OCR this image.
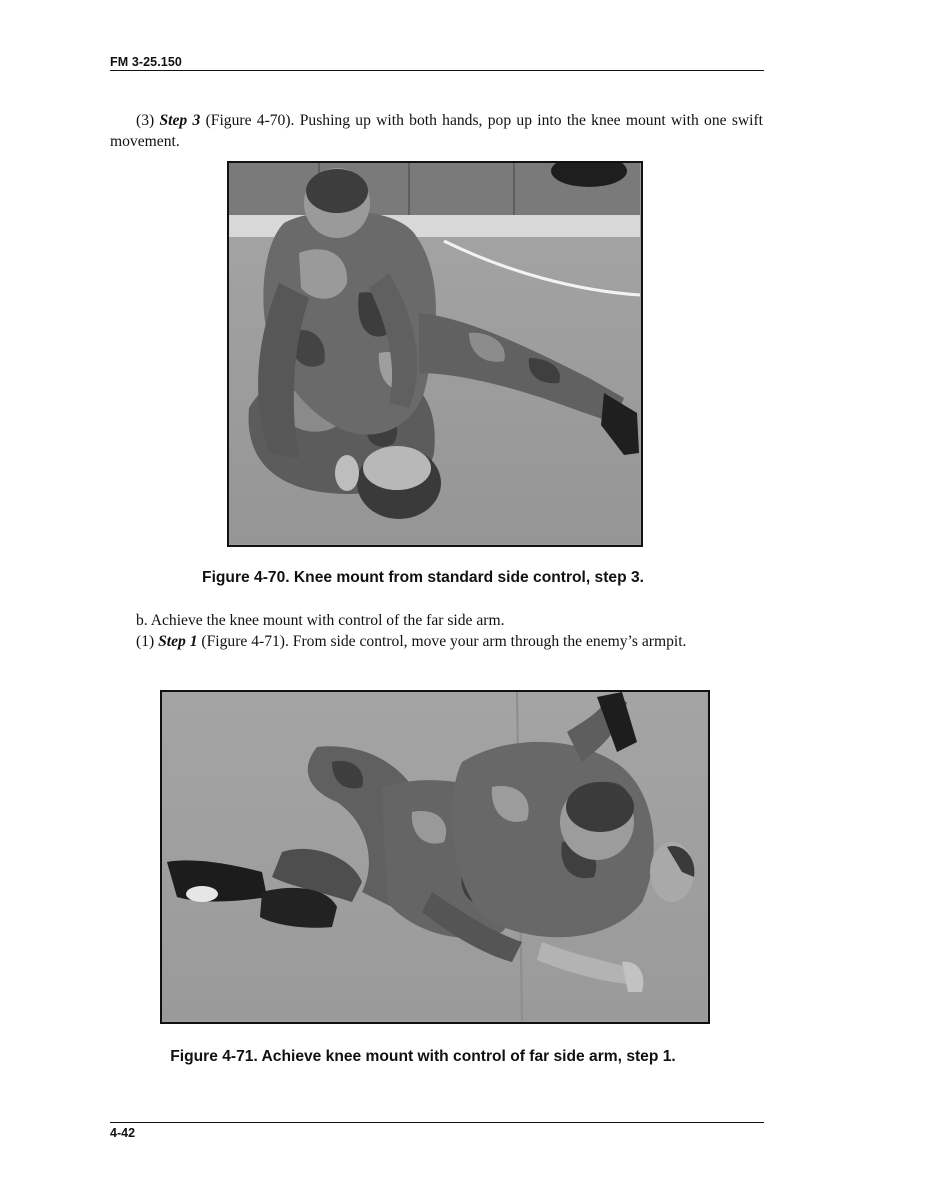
FM 3-25.150

(3) Step 3 (Figure 4-70). Pushing up with both hands, pop up into the knee mount with one swift movement.

Figure 4-70. Knee mount from standard side control, step 3.

b. Achieve the knee mount with control of the far side arm.

(1) Step 1 (Figure 4-71). From side control, move your arm through the enemy’s armpit.

Figure 4-71. Achieve knee mount with control of far side arm, step 1.

4-42
